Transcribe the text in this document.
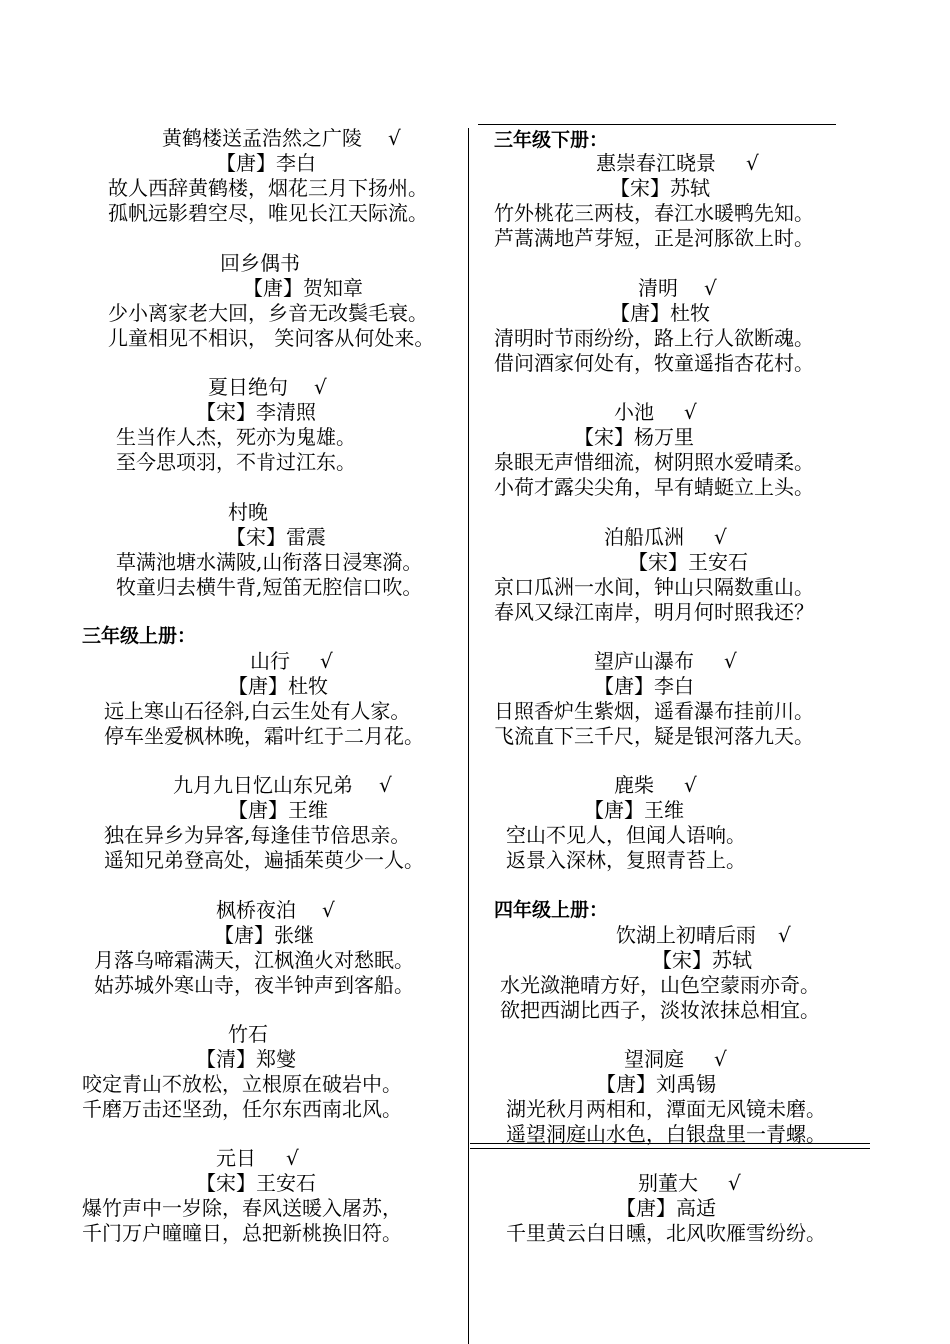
黄鹤楼送孟浩然之广陵 √
【唐】李白
故人西辞黄鹤楼，烟花三月下扬州。
孤帆远影碧空尽，唯见长江天际流。
回乡偶书
【唐】贺知章
少小离家老大回，乡音无改鬓毛衰。
儿童相见不相识， 笑问客从何处来。
夏日绝句 √
【宋】李清照
生当作人杰，死亦为鬼雄。
至今思项羽，不肯过江东。
村晚
【宋】雷震
草满池塘水满陂,山衔落日浸寒漪。
牧童归去横牛背,短笛无腔信口吹。
三年级上册：
山行 √
【唐】杜牧
远上寒山石径斜,白云生处有人家。
停车坐爱枫林晚，霜叶红于二月花。
九月九日忆山东兄弟 √
【唐】王维
独在异乡为异客,每逢佳节倍思亲。
遥知兄弟登高处，遍插茱萸少一人。
枫桥夜泊 √
【唐】张继
月落乌啼霜满天，江枫渔火对愁眠。
姑苏城外寒山寺，夜半钟声到客船。
竹石
【清】郑燮
咬定青山不放松，立根原在破岩中。
千磨万击还坚劲，任尔东西南北风。
元日 √
【宋】王安石
爆竹声中一岁除，春风送暖入屠苏，
千门万户曈曈日，总把新桃换旧符。
三年级下册：
惠崇春江晓景 √
【宋】苏轼
竹外桃花三两枝，春江水暖鸭先知。
芦蒿满地芦芽短，正是河豚欲上时。
清明 √
【唐】杜牧
清明时节雨纷纷，路上行人欲断魂。
借问酒家何处有，牧童遥指杏花村。
小池 √
【宋】杨万里
泉眼无声惜细流，树阴照水爱晴柔。
小荷才露尖尖角，早有蜻蜓立上头。
泊船瓜洲 √
【宋】王安石
京口瓜洲一水间，钟山只隔数重山。
春风又绿江南岸，明月何时照我还？
望庐山瀑布 √
【唐】李白
日照香炉生紫烟，遥看瀑布挂前川。
飞流直下三千尺，疑是银河落九天。
鹿柴 √
【唐】王维
空山不见人，但闻人语响。
返景入深林，复照青苔上。
四年级上册：
饮湖上初晴后雨 √
【宋】苏轼
水光潋滟晴方好，山色空蒙雨亦奇。
欲把西湖比西子，淡妆浓抹总相宜。
望洞庭 √
【唐】刘禹锡
湖光秋月两相和，潭面无风镜未磨。
遥望洞庭山水色，白银盘里一青螺。
别董大 √
【唐】高适
千里黄云白日曛，北风吹雁雪纷纷。
